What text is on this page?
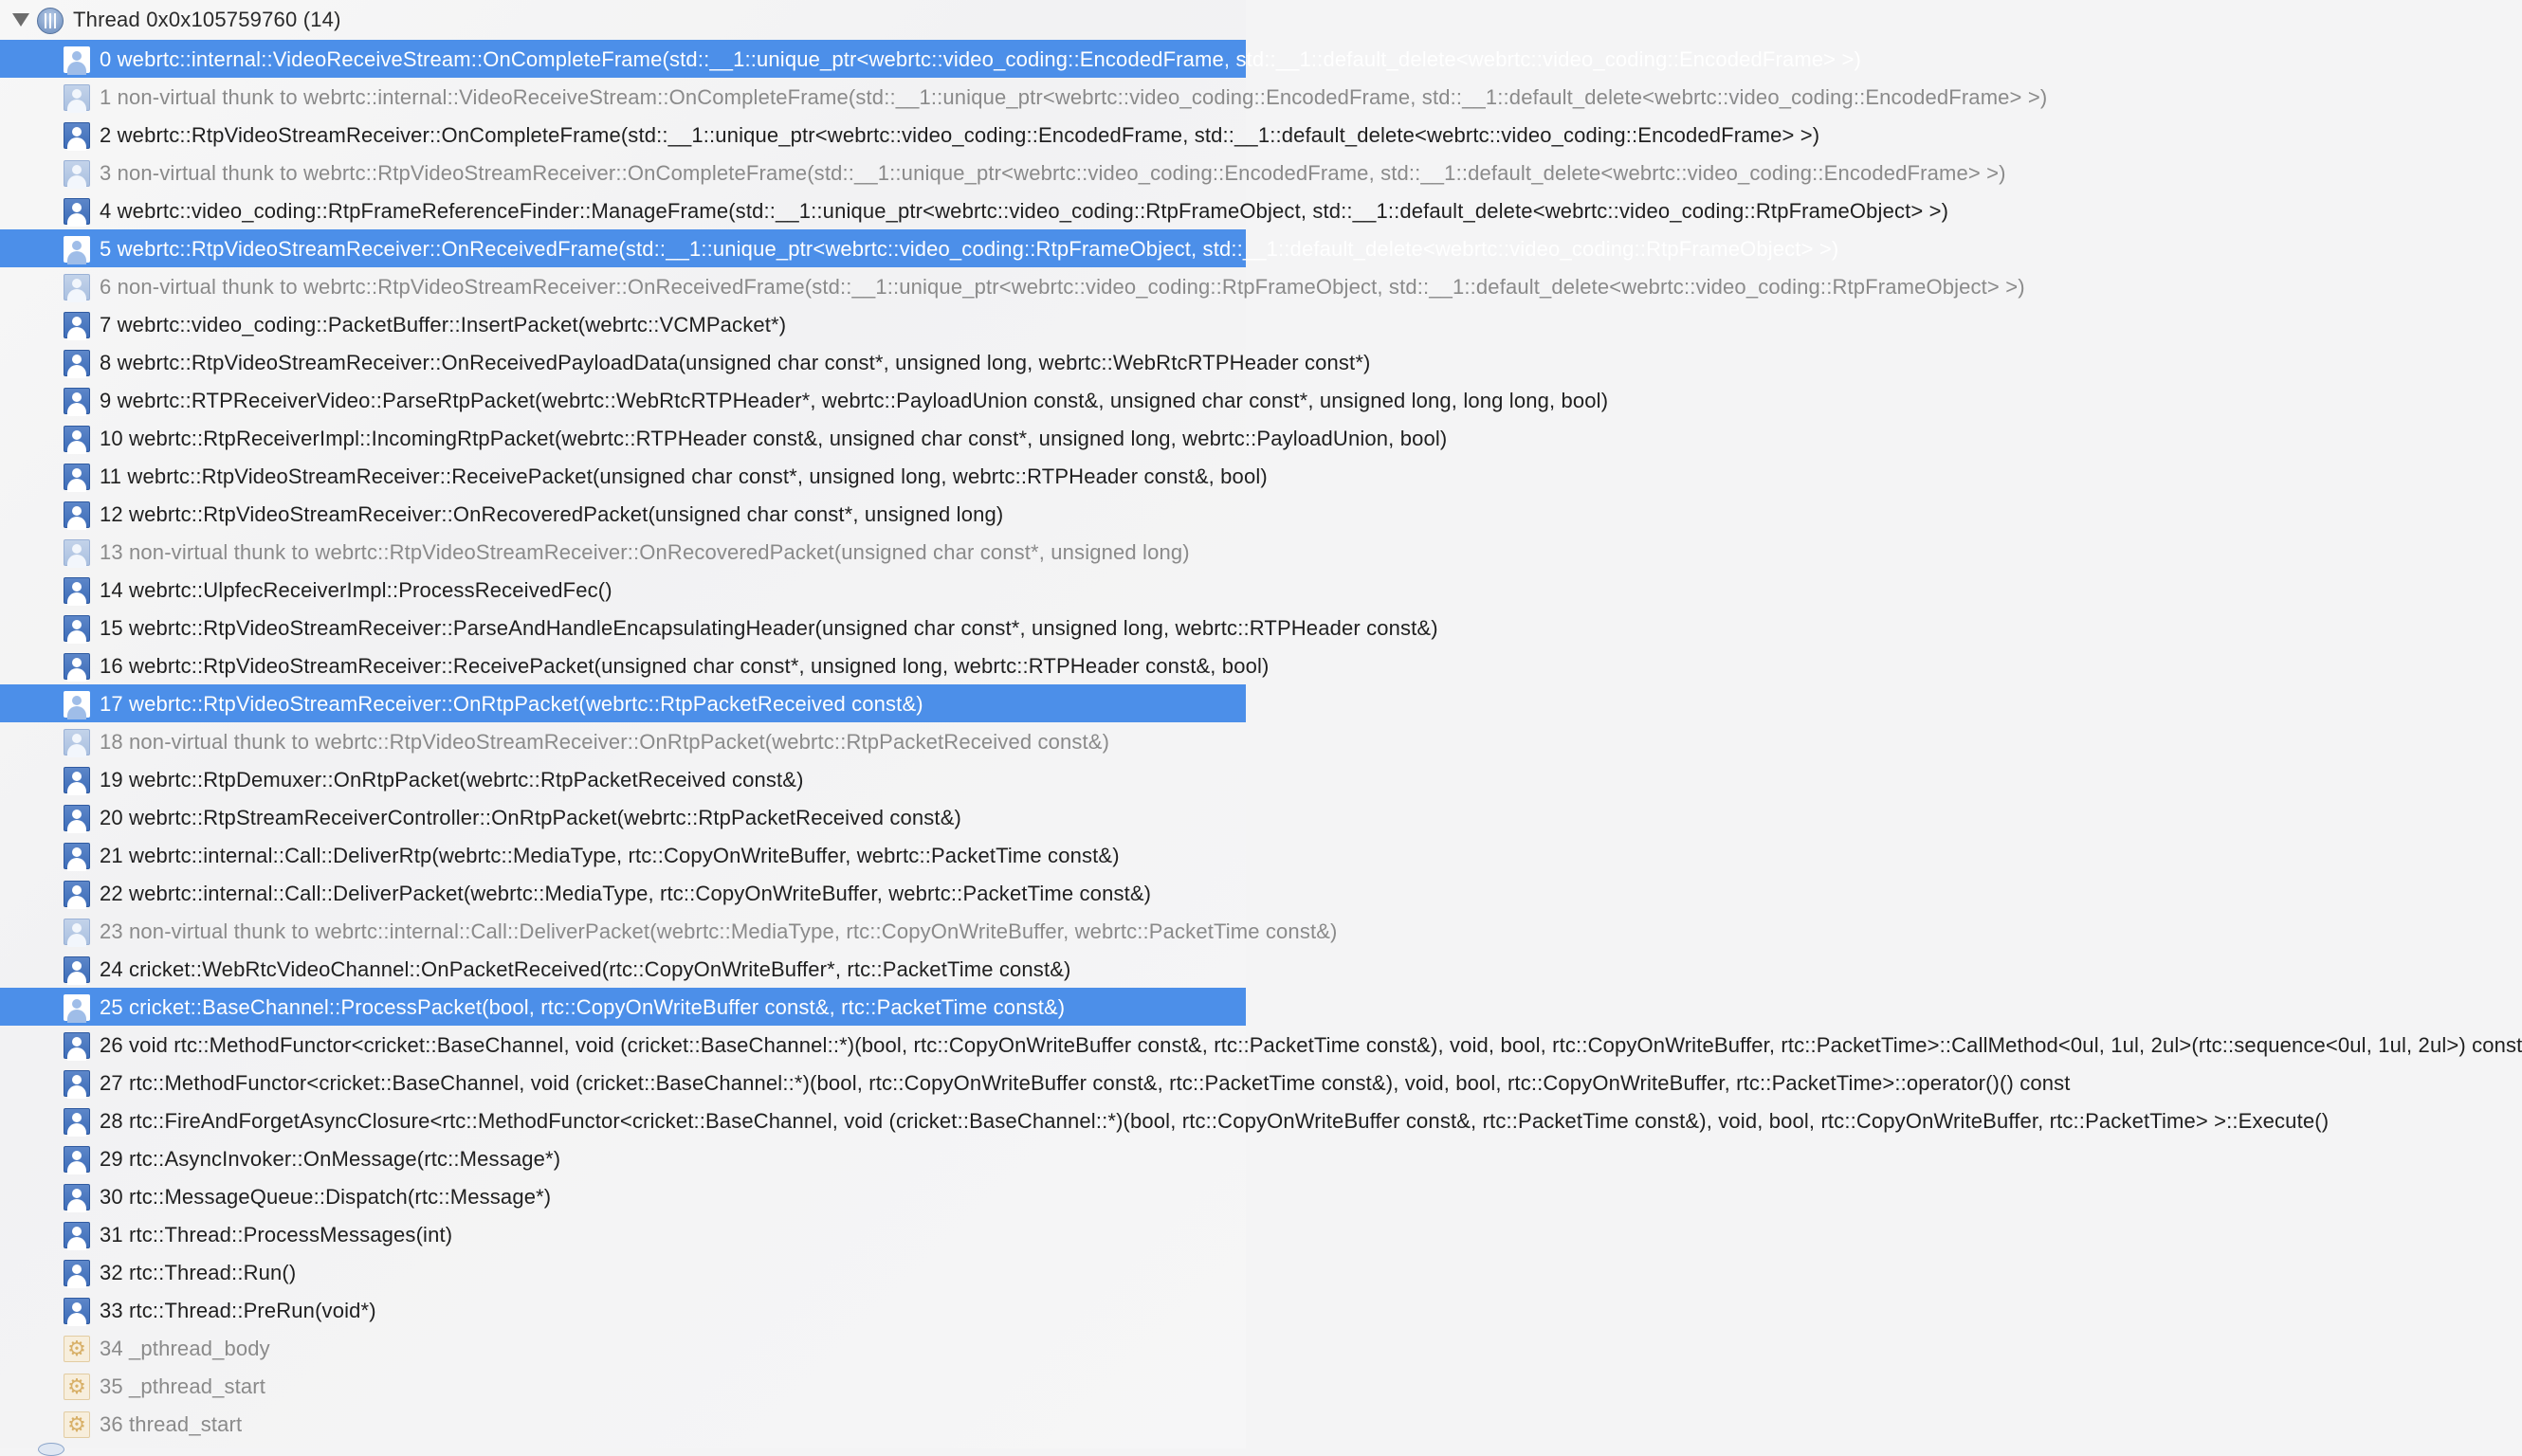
Thread 0x0x105759760 (14)
0 webrtc::internal::VideoReceiveStream::OnCompleteFrame(std::__1::unique_ptr<webrtc::video_coding::EncodedFrame, std::__1::default_delete<webrtc::video_coding::EncodedFrame> >)
1 non-virtual thunk to webrtc::internal::VideoReceiveStream::OnCompleteFrame(std::__1::unique_ptr<webrtc::video_coding::EncodedFrame, std::__1::default_delete<webrtc::video_coding::EncodedFrame> >)
2 webrtc::RtpVideoStreamReceiver::OnCompleteFrame(std::__1::unique_ptr<webrtc::video_coding::EncodedFrame, std::__1::default_delete<webrtc::video_coding::EncodedFrame> >)
3 non-virtual thunk to webrtc::RtpVideoStreamReceiver::OnCompleteFrame(std::__1::unique_ptr<webrtc::video_coding::EncodedFrame, std::__1::default_delete<webrtc::video_coding::EncodedFrame> >)
4 webrtc::video_coding::RtpFrameReferenceFinder::ManageFrame(std::__1::unique_ptr<webrtc::video_coding::RtpFrameObject, std::__1::default_delete<webrtc::video_coding::RtpFrameObject> >)
5 webrtc::RtpVideoStreamReceiver::OnReceivedFrame(std::__1::unique_ptr<webrtc::video_coding::RtpFrameObject, std::__1::default_delete<webrtc::video_coding::RtpFrameObject> >)
6 non-virtual thunk to webrtc::RtpVideoStreamReceiver::OnReceivedFrame(std::__1::unique_ptr<webrtc::video_coding::RtpFrameObject, std::__1::default_delete<webrtc::video_coding::RtpFrameObject> >)
7 webrtc::video_coding::PacketBuffer::InsertPacket(webrtc::VCMPacket*)
8 webrtc::RtpVideoStreamReceiver::OnReceivedPayloadData(unsigned char const*, unsigned long, webrtc::WebRtcRTPHeader const*)
9 webrtc::RTPReceiverVideo::ParseRtpPacket(webrtc::WebRtcRTPHeader*, webrtc::PayloadUnion const&, unsigned char const*, unsigned long, long long, bool)
10 webrtc::RtpReceiverImpl::IncomingRtpPacket(webrtc::RTPHeader const&, unsigned char const*, unsigned long, webrtc::PayloadUnion, bool)
11 webrtc::RtpVideoStreamReceiver::ReceivePacket(unsigned char const*, unsigned long, webrtc::RTPHeader const&, bool)
12 webrtc::RtpVideoStreamReceiver::OnRecoveredPacket(unsigned char const*, unsigned long)
13 non-virtual thunk to webrtc::RtpVideoStreamReceiver::OnRecoveredPacket(unsigned char const*, unsigned long)
14 webrtc::UlpfecReceiverImpl::ProcessReceivedFec()
15 webrtc::RtpVideoStreamReceiver::ParseAndHandleEncapsulatingHeader(unsigned char const*, unsigned long, webrtc::RTPHeader const&)
16 webrtc::RtpVideoStreamReceiver::ReceivePacket(unsigned char const*, unsigned long, webrtc::RTPHeader const&, bool)
17 webrtc::RtpVideoStreamReceiver::OnRtpPacket(webrtc::RtpPacketReceived const&)
18 non-virtual thunk to webrtc::RtpVideoStreamReceiver::OnRtpPacket(webrtc::RtpPacketReceived const&)
19 webrtc::RtpDemuxer::OnRtpPacket(webrtc::RtpPacketReceived const&)
20 webrtc::RtpStreamReceiverController::OnRtpPacket(webrtc::RtpPacketReceived const&)
21 webrtc::internal::Call::DeliverRtp(webrtc::MediaType, rtc::CopyOnWriteBuffer, webrtc::PacketTime const&)
22 webrtc::internal::Call::DeliverPacket(webrtc::MediaType, rtc::CopyOnWriteBuffer, webrtc::PacketTime const&)
23 non-virtual thunk to webrtc::internal::Call::DeliverPacket(webrtc::MediaType, rtc::CopyOnWriteBuffer, webrtc::PacketTime const&)
24 cricket::WebRtcVideoChannel::OnPacketReceived(rtc::CopyOnWriteBuffer*, rtc::PacketTime const&)
25 cricket::BaseChannel::ProcessPacket(bool, rtc::CopyOnWriteBuffer const&, rtc::PacketTime const&)
26 void rtc::MethodFunctor<cricket::BaseChannel, void (cricket::BaseChannel::*)(bool, rtc::CopyOnWriteBuffer const&, rtc::PacketTime const&), void, bool, rtc::CopyOnWriteBuffer, rtc::PacketTime>::CallMethod<0ul, 1ul, 2ul>(rtc::sequence<0ul, 1ul, 2ul>) const
27 rtc::MethodFunctor<cricket::BaseChannel, void (cricket::BaseChannel::*)(bool, rtc::CopyOnWriteBuffer const&, rtc::PacketTime const&), void, bool, rtc::CopyOnWriteBuffer, rtc::PacketTime>::operator()() const
28 rtc::FireAndForgetAsyncClosure<rtc::MethodFunctor<cricket::BaseChannel, void (cricket::BaseChannel::*)(bool, rtc::CopyOnWriteBuffer const&, rtc::PacketTime const&), void, bool, rtc::CopyOnWriteBuffer, rtc::PacketTime> >::Execute()
29 rtc::AsyncInvoker::OnMessage(rtc::Message*)
30 rtc::MessageQueue::Dispatch(rtc::Message*)
31 rtc::Thread::ProcessMessages(int)
32 rtc::Thread::Run()
33 rtc::Thread::PreRun(void*)
⚙ 34 _pthread_body
⚙ 35 _pthread_start
⚙ 36 thread_start
